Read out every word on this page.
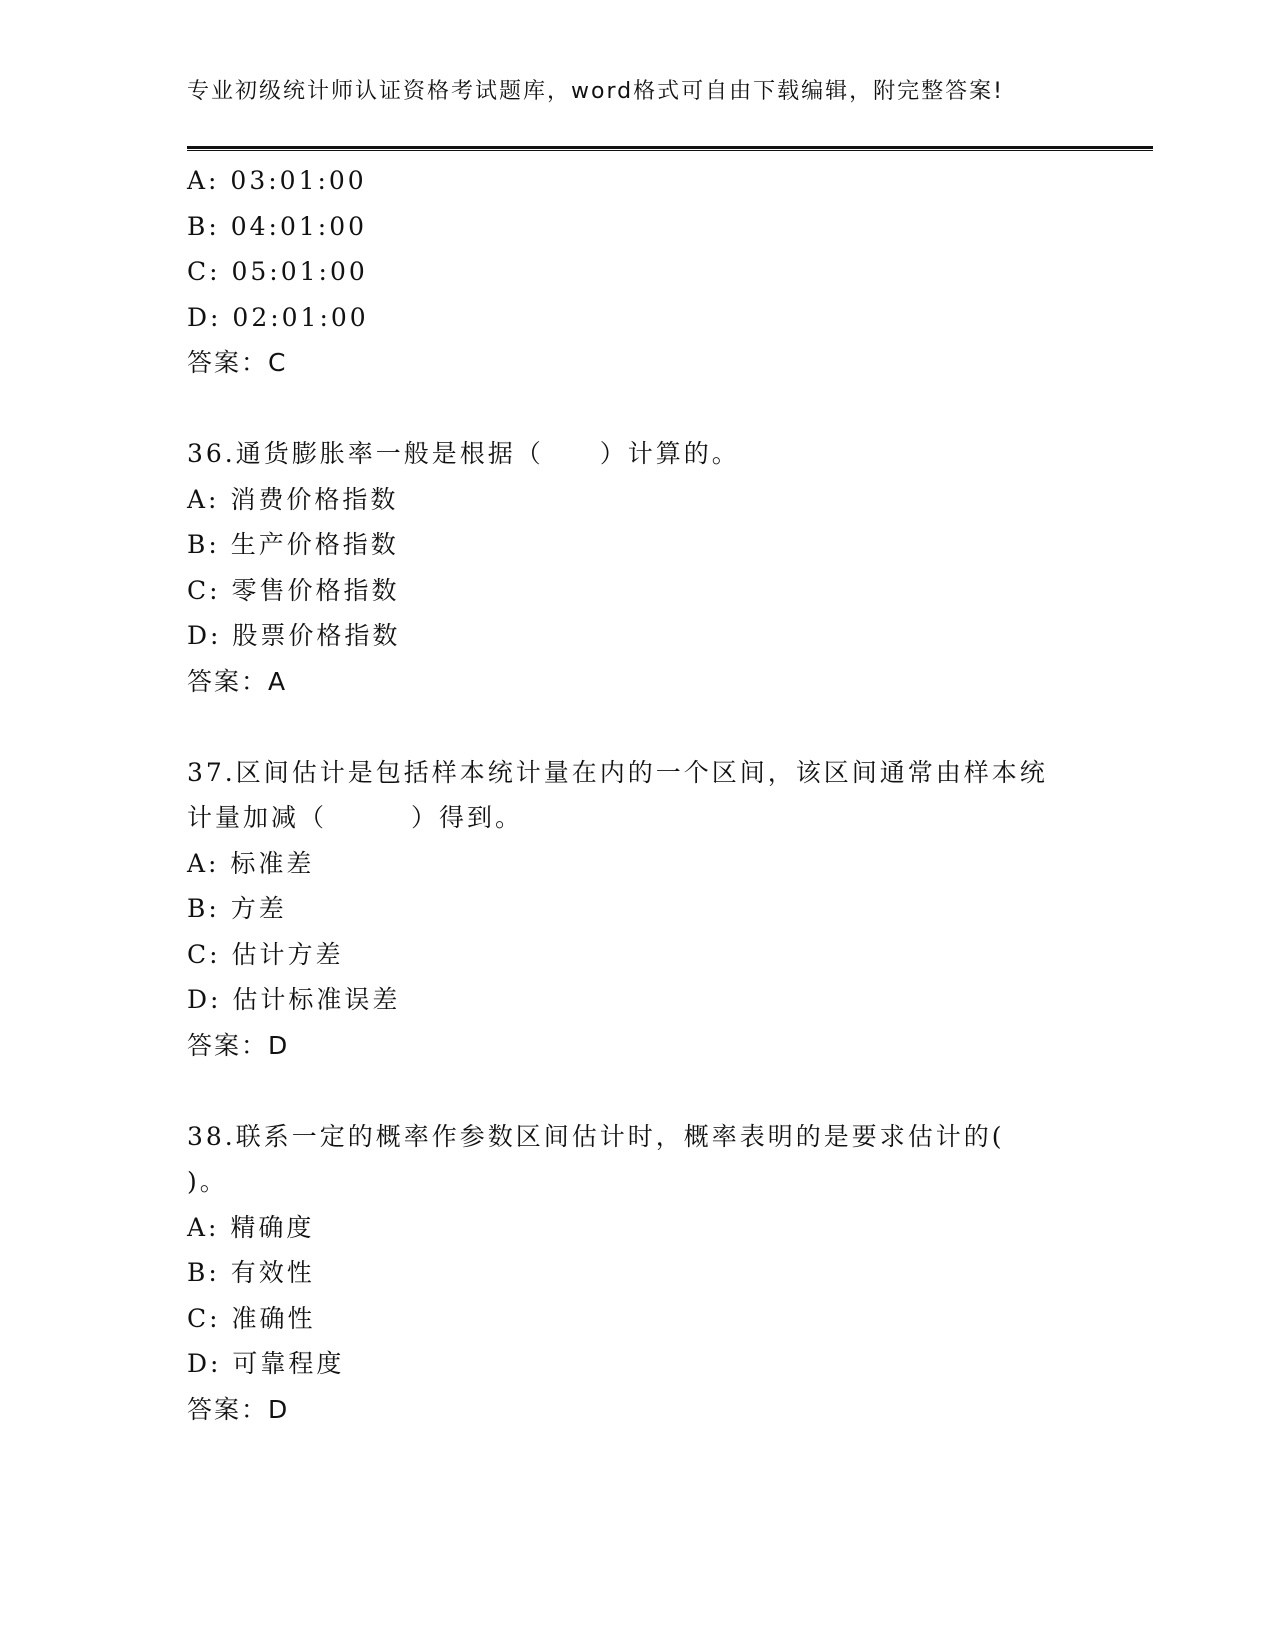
专业初级统计师认证资格考试题库，word格式可自由下载编辑，附完整答案!
A: 03:01:00
B: 04:01:00
C: 05:01:00
D: 02:01:00
答案：C
36.通货膨胀率一般是根据（　　）计算的。
A: 消费价格指数
B: 生产价格指数
C: 零售价格指数
D: 股票价格指数
答案：A
37.区间估计是包括样本统计量在内的一个区间，该区间通常由样本统
计量加减（　　　）得到。
A: 标准差
B: 方差
C: 估计方差
D: 估计标准误差
答案：D
38.联系一定的概率作参数区间估计时，概率表明的是要求估计的(
)。
A: 精确度
B: 有效性
C: 准确性
D: 可靠程度
答案：D
